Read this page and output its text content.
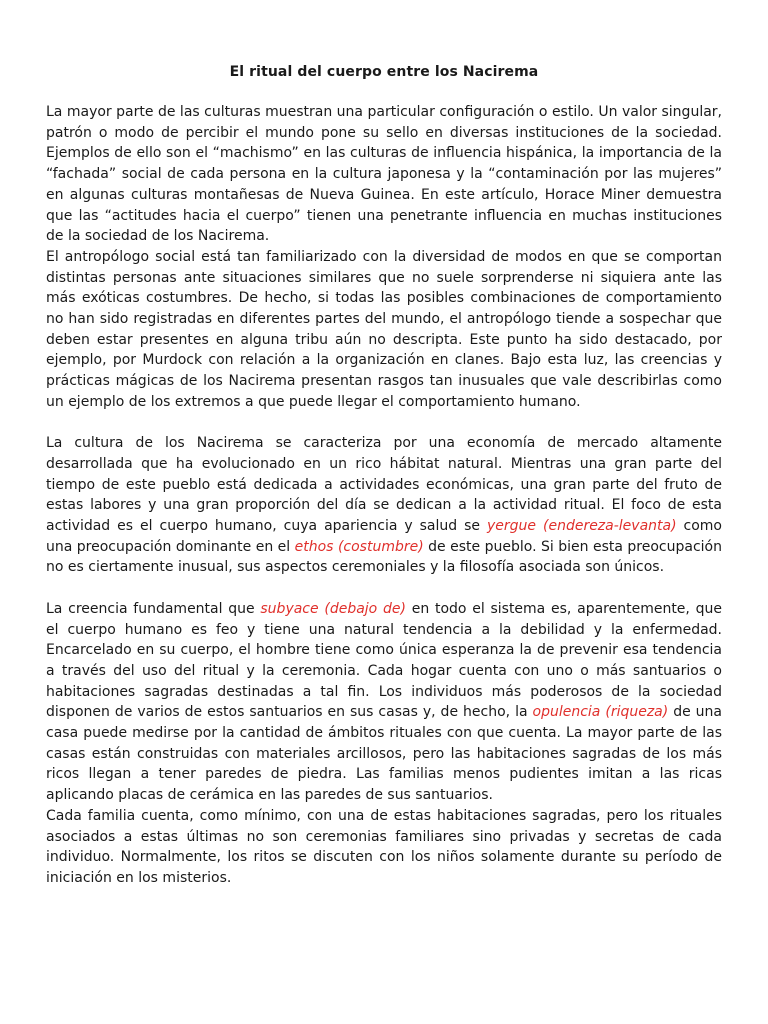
El ritual del cuerpo entre los Nacirema

La mayor parte de las culturas muestran una particular configuración o estilo. Un valor singular, patrón o modo de percibir el mundo pone su sello en diversas instituciones de la sociedad. Ejemplos de ello son el “machismo” en las culturas de influencia hispánica, la importancia de la “fachada” social de cada persona en la cultura japonesa y la “contaminación por las mujeres” en algunas culturas montañesas de Nueva Guinea. En este artículo, Horace Miner demuestra que las “actitudes hacia el cuerpo” tienen una penetrante influencia en muchas instituciones de la sociedad de los Nacirema.

El antropólogo social está tan familiarizado con la diversidad de modos en que se comportan distintas personas ante situaciones similares que no suele sorprenderse ni siquiera ante las más exóticas costumbres. De hecho, si todas las posibles combinaciones de comportamiento no han sido registradas en diferentes partes del mundo, el antropólogo tiende a sospechar que deben estar presentes en alguna tribu aún no descripta. Este punto ha sido destacado, por ejemplo, por Murdock con relación a la organización en clanes. Bajo esta luz, las creencias y prácticas mágicas de los Nacirema presentan rasgos tan inusuales que vale describirlas como un ejemplo de los extremos a que puede llegar el comportamiento humano.

La cultura de los Nacirema se caracteriza por una economía de mercado altamente desarrollada que ha evolucionado en un rico hábitat natural. Mientras una gran parte del tiempo de este pueblo está dedicada a actividades económicas, una gran parte del fruto de estas labores y una gran proporción del día se dedican a la actividad ritual. El foco de esta actividad es el cuerpo humano, cuya apariencia y salud se yergue (endereza-levanta) como una preocupación dominante en el ethos (costumbre) de este pueblo. Si bien esta preocupación no es ciertamente inusual, sus aspectos ceremoniales y la filosofía asociada son únicos.

La creencia fundamental que subyace (debajo de) en todo el sistema es, aparentemente, que el cuerpo humano es feo y tiene una natural tendencia a la debilidad y la enfermedad. Encarcelado en su cuerpo, el hombre tiene como única esperanza la de prevenir esa tendencia a través del uso del ritual y la ceremonia. Cada hogar cuenta con uno o más santuarios o habitaciones sagradas destinadas a tal fin. Los individuos más poderosos de la sociedad disponen de varios de estos santuarios en sus casas y, de hecho, la opulencia (riqueza) de una casa puede medirse por la cantidad de ámbitos rituales con que cuenta. La mayor parte de las casas están construidas con materiales arcillosos, pero las habitaciones sagradas de los más ricos llegan a tener paredes de piedra. Las familias menos pudientes imitan a las ricas aplicando placas de cerámica en las paredes de sus santuarios.

Cada familia cuenta, como mínimo, con una de estas habitaciones sagradas, pero los rituales asociados a estas últimas no son ceremonias familiares sino privadas y secretas de cada individuo. Normalmente, los ritos se discuten con los niños solamente durante su período de iniciación en los misterios.
